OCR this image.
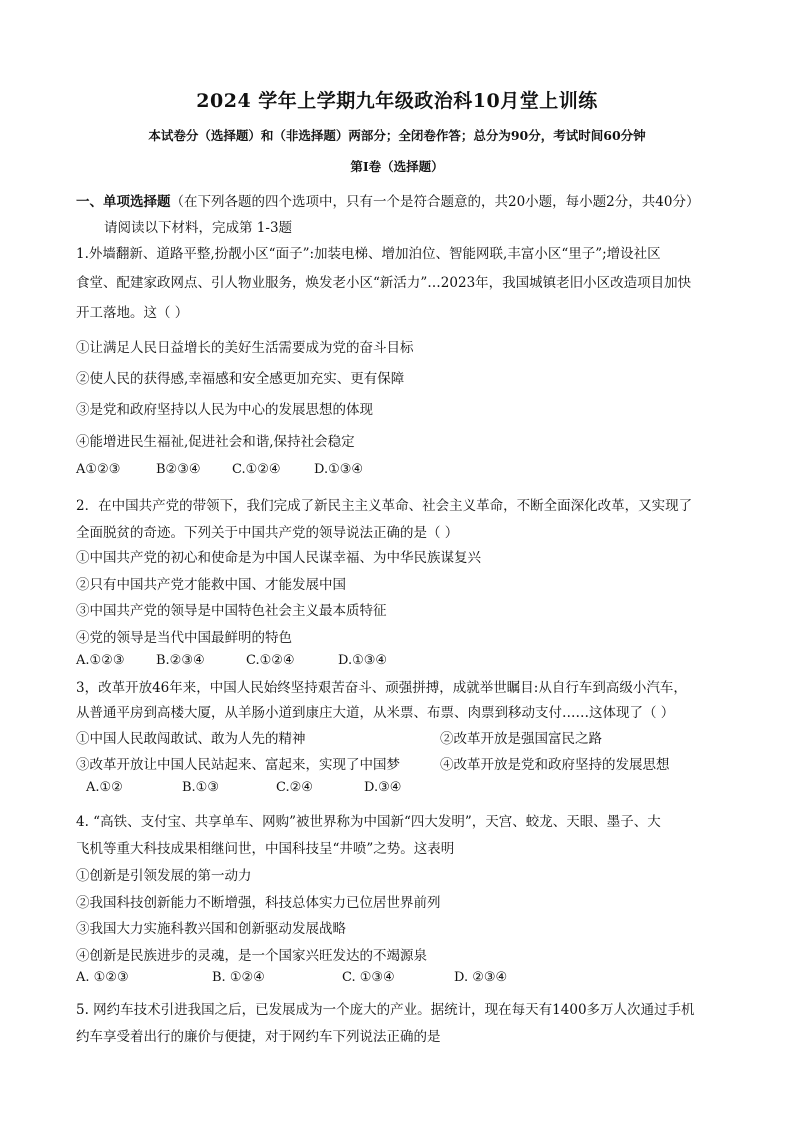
2024 学年上学期九年级政治科10月堂上训练
本试卷分（选择题）和（非选择题）两部分；全闭卷作答；总分为90分，考试时间60分钟
第I卷（选择题）
一、单项选择题（在下列各题的四个选项中，只有一个是符合题意的，共20小题，每小题2分，共40分）
请阅读以下材料，完成第 1-3题
1.外墙翻新、道路平整,扮靓小区“面子”:加装电梯、增加泊位、智能网联,丰富小区“里子”;增设社区
食堂、配建家政网点、引人物业服务，焕发老小区“新活力”…2023年，我国城镇老旧小区改造项目加快
开工落地。这（ ）
①让满足人民日益增长的美好生活需要成为党的奋斗目标
②使人民的获得感,幸福感和安全感更加充实、更有保障
③是党和政府坚持以人民为中心的发展思想的体现
④能增进民生福祉,促进社会和谐,保持社会稳定
A①②③	B②③④ C.①②④	D.①③④
2．在中国共产党的带领下，我们完成了新民主主义革命、社会主义革命，不断全面深化改革，又实现了
全面脱贫的奇迹。下列关于中国共产党的领导说法正确的是（ ）
①中国共产党的初心和使命是为中国人民谋幸福、为中华民族谋复兴
②只有中国共产党才能救中国、才能发展中国
③中国共产党的领导是中国特色社会主义最本质特征
④党的领导是当代中国最鲜明的特色
A.①②③ B.②③④	C.①②④	D.①③④
3，改革开放46年来，中国人民始终坚持艰苦奋斗、顽强拼搏，成就举世瞩目:从自行车到高级小汽车，
从普通平房到高楼大厦，从羊肠小道到康庄大道，从米票、布票、肉票到移动支付……这体现了（ ）
①中国人民敢闯敢试、敢为人先的精神	②改革开放是强国富民之路
③改革开放让中国人民站起来、富起来，实现了中国梦	④改革开放是党和政府坚持的发展思想
A.①②	B.①③	C.②④	D.③④
4. “高铁、支付宝、共享单车、网购”被世界称为中国新“四大发明”，天宫、蛟龙、天眼、墨子、大
飞机等重大科技成果相继问世，中国科技呈“井喷”之势。这表明
①创新是引领发展的第一动力
②我国科技创新能力不断增强，科技总体实力已位居世界前列
③我国大力实施科教兴国和创新驱动发展战略
④创新是民族进步的灵魂，是一个国家兴旺发达的不竭源泉
A. ①②③	B. ①②④	C. ①③④	D. ②③④
5. 网约车技术引进我国之后，已发展成为一个庞大的产业。据统计，现在每天有1400多万人次通过手机
约车享受着出行的廉价与便捷，对于网约车下列说法正确的是
